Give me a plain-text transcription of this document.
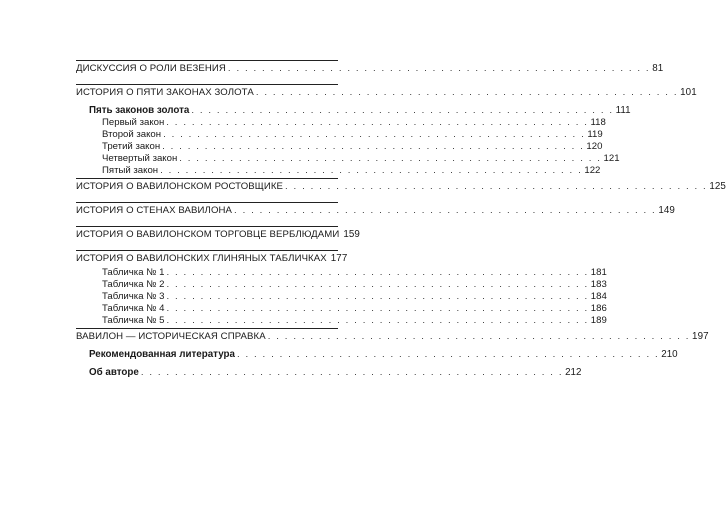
ДИСКУССИЯ О РОЛИ ВЕЗЕНИЯ . . . . . . . . . . . . . . . . . . . . . . . . . . . . . . . . . . . . . . . . . . . . . . . . . . 81
ИСТОРИЯ О ПЯТИ ЗАКОНАХ ЗОЛОТА . . . . . . . . . . . . . . . . . . . . . . . . . . . . . . . . . . . . . . . . . . . . . . . . . . 101
Пять законов золота . . . . . . . . . . . . . . . . . . . . . . . . . . . . . . . . . . . . . . . . . . . . . . . . . . 111
Первый закон . . . . . . . . . . . . . . . . . . . . . . . . . . . . . . . . . . . . . . . . . . . . . . . . . . 118
Второй закон . . . . . . . . . . . . . . . . . . . . . . . . . . . . . . . . . . . . . . . . . . . . . . . . . . 119
Третий закон . . . . . . . . . . . . . . . . . . . . . . . . . . . . . . . . . . . . . . . . . . . . . . . . . . 120
Четвертый закон . . . . . . . . . . . . . . . . . . . . . . . . . . . . . . . . . . . . . . . . . . . . . . . . . . 121
Пятый закон . . . . . . . . . . . . . . . . . . . . . . . . . . . . . . . . . . . . . . . . . . . . . . . . . . 122
ИСТОРИЯ О ВАВИЛОНСКОМ РОСТОВЩИКЕ . . . . . . . . . . . . . . . . . . . . . . . . . . . . . . . . . . . . . . . . . . . . . . . . . . 125
ИСТОРИЯ О СТЕНАХ ВАВИЛОНА . . . . . . . . . . . . . . . . . . . . . . . . . . . . . . . . . . . . . . . . . . . . . . . . . . 149
ИСТОРИЯ О ВАВИЛОНСКОМ ТОРГОВЦЕ ВЕРБЛЮДАМИ 159
ИСТОРИЯ О ВАВИЛОНСКИХ ГЛИНЯНЫХ ТАБЛИЧКАХ 177
Табличка № 1 . . . . . . . . . . . . . . . . . . . . . . . . . . . . . . . . . . . . . . . . . . . . . . . . . . 181
Табличка № 2 . . . . . . . . . . . . . . . . . . . . . . . . . . . . . . . . . . . . . . . . . . . . . . . . . . 183
Табличка № 3 . . . . . . . . . . . . . . . . . . . . . . . . . . . . . . . . . . . . . . . . . . . . . . . . . . 184
Табличка № 4 . . . . . . . . . . . . . . . . . . . . . . . . . . . . . . . . . . . . . . . . . . . . . . . . . . 186
Табличка № 5 . . . . . . . . . . . . . . . . . . . . . . . . . . . . . . . . . . . . . . . . . . . . . . . . . . 189
ВАВИЛОН — ИСТОРИЧЕСКАЯ СПРАВКА . . . . . . . . . . . . . . . . . . . . . . . . . . . . . . . . . . . . . . . . . . . . . . . . . . 197
Рекомендованная литература . . . . . . . . . . . . . . . . . . . . . . . . . . . . . . . . . . . . . . . . . . . . . . . . . . 210
Об авторе . . . . . . . . . . . . . . . . . . . . . . . . . . . . . . . . . . . . . . . . . . . . . . . . . . 212
